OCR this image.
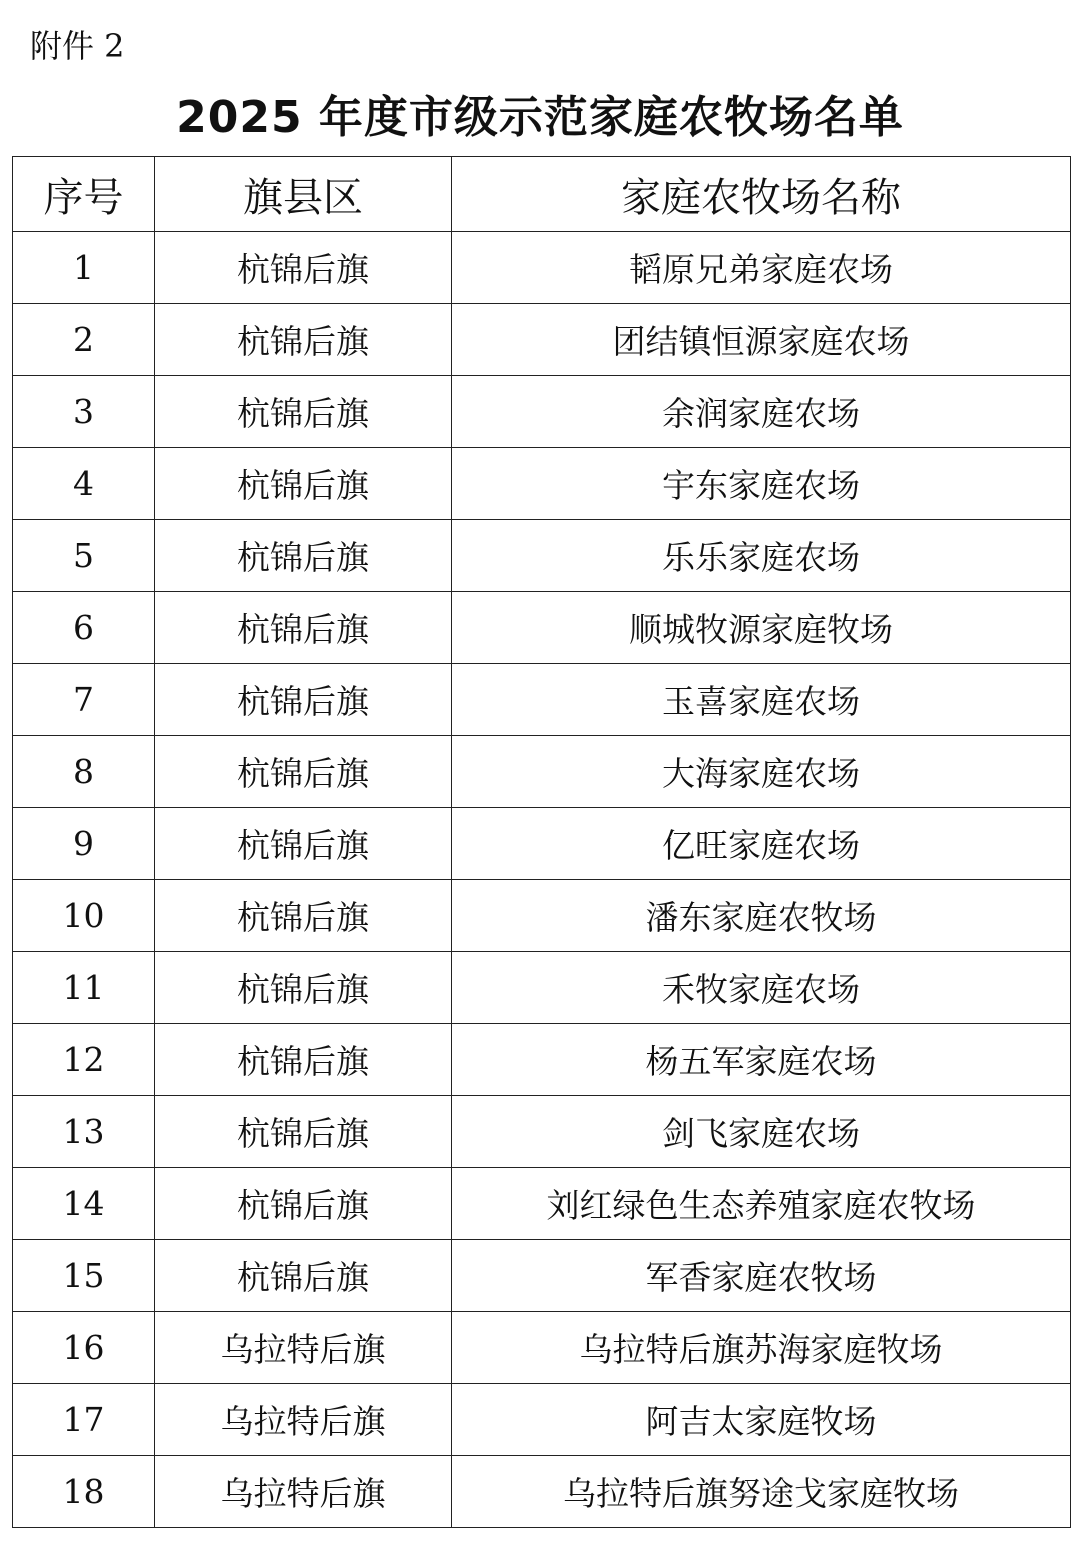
附件 2
2025 年度市级示范家庭农牧场名单
序号	旗县区	家庭农牧场名称
1	杭锦后旗	韬原兄弟家庭农场
2	杭锦后旗	团结镇恒源家庭农场
3	杭锦后旗	余润家庭农场
4	杭锦后旗	宇东家庭农场
5	杭锦后旗	乐乐家庭农场
6	杭锦后旗	顺城牧源家庭牧场
7	杭锦后旗	玉喜家庭农场
8	杭锦后旗	大海家庭农场
9	杭锦后旗	亿旺家庭农场
10	杭锦后旗	潘东家庭农牧场
11	杭锦后旗	禾牧家庭农场
12	杭锦后旗	杨五军家庭农场
13	杭锦后旗	剑飞家庭农场
14	杭锦后旗	刘红绿色生态养殖家庭农牧场
15	杭锦后旗	军香家庭农牧场
16	乌拉特后旗	乌拉特后旗苏海家庭牧场
17	乌拉特后旗	阿吉太家庭牧场
18	乌拉特后旗	乌拉特后旗努途戈家庭牧场
